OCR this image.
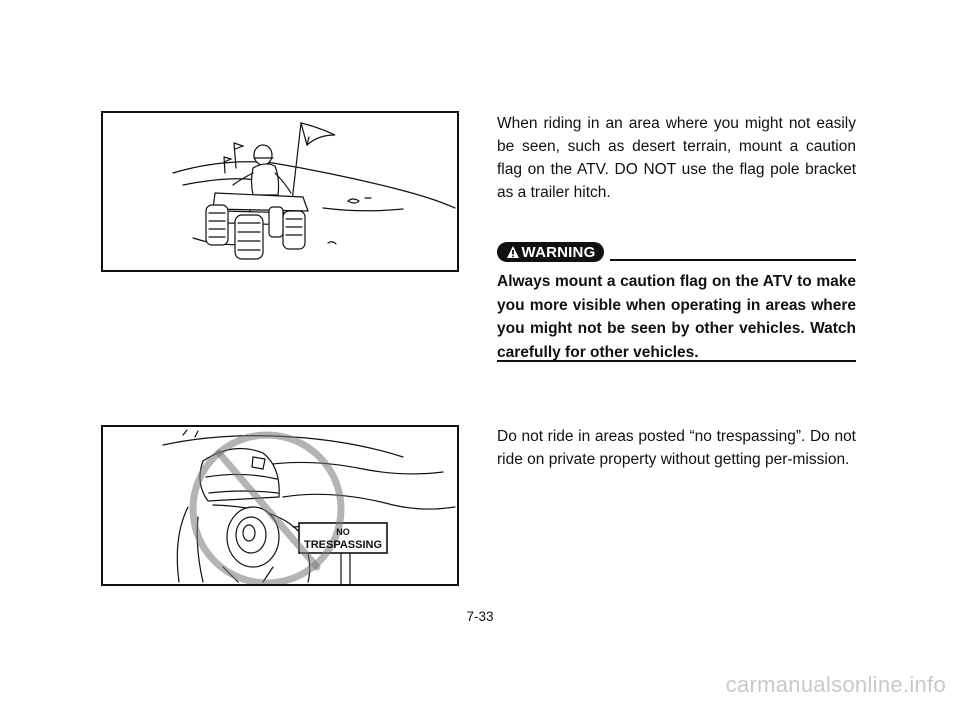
When riding in an area where you might not easily be seen, such as desert terrain, mount a caution flag on the ATV. DO NOT use the flag pole bracket as a trailer hitch.

WARNING

Always mount a caution flag on the ATV to make you more visible when operating in areas where you might not be seen by other vehicles. Watch carefully for other vehicles.

NO
TRESPASSING

Do not ride in areas posted “no trespassing”. Do not ride on private property without getting per-mission.

7-33
carmanualsonline.info
